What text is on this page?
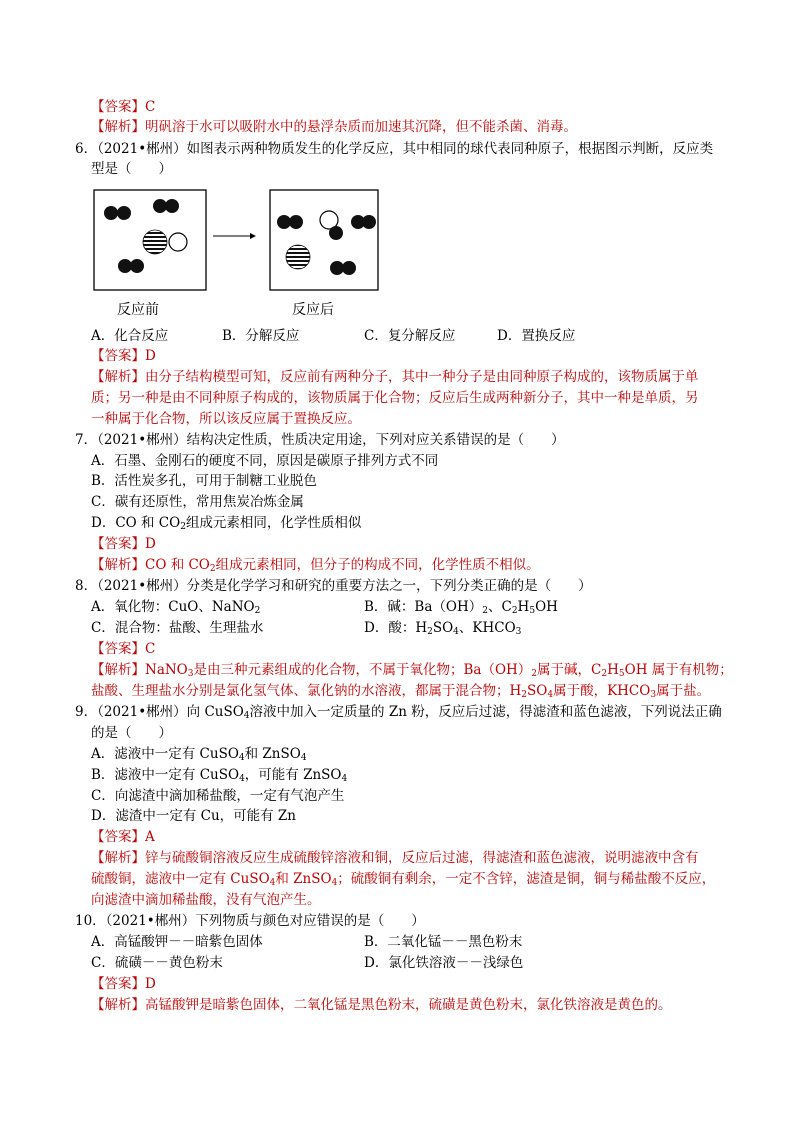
【答案】C
【解析】明矾溶于水可以吸附水中的悬浮杂质而加速其沉降，但不能杀菌、消毒。
6．（2021•郴州）如图表示两种物质发生的化学反应，其中相同的球代表同种原子，根据图示判断，反应类
型是（　　）
反应前	反应后
A．化合反应	B．分解反应	C．复分解反应	D．置换反应
【答案】D
【解析】由分子结构模型可知，反应前有两种分子，其中一种分子是由同种原子构成的，该物质属于单
质；另一种是由不同种原子构成的，该物质属于化合物；反应后生成两种新分子，其中一种是单质，另
一种属于化合物，所以该反应属于置换反应。
7．（2021•郴州）结构决定性质，性质决定用途，下列对应关系错误的是（　　）
A．石墨、金刚石的硬度不同，原因是碳原子排列方式不同
B．活性炭多孔，可用于制糖工业脱色
C．碳有还原性，常用焦炭冶炼金属
D．CO 和 $CO_2$组成元素相同，化学性质相似
【答案】D
【解析】CO 和 $CO_2$组成元素相同，但分子的构成不同，化学性质不相似。
8．（2021•郴州）分类是化学学习和研究的重要方法之一，下列分类正确的是（　　）
A．氧化物：CuO、NaNO$_2$	B．碱：$Ba(OH)_2$、$C_2H_5OH$
C．混合物：盐酸、生理盐水	D．酸：$H_2SO_4$、$KHCO_3$
【答案】C
【解析】NaNO$_3$是由三种元素组成的化合物，不属于氧化物；$Ba(OH)_2$属于碱，$C_2H_5OH$ 属于有机物；
盐酸、生理盐水分别是氯化氢气体、氯化钠的水溶液，都属于混合物；$H_2SO_4$属于酸，$KHCO_3$属于盐。
9．（2021•郴州）向 CuSO$_4$溶液中加入一定质量的 Zn 粉，反应后过滤，得滤渣和蓝色滤液，下列说法正确
的是（　　）
A．滤液中一定有 CuSO$_4$和 ZnSO$_4$
B．滤液中一定有 CuSO$_4$，可能有 ZnSO$_4$
C．向滤渣中滴加稀盐酸，一定有气泡产生
D．滤渣中一定有 Cu，可能有 Zn
【答案】A
【解析】锌与硫酸铜溶液反应生成硫酸锌溶液和铜，反应后过滤，得滤渣和蓝色滤液，说明滤液中含有
硫酸铜，滤液中一定有 CuSO$_4$和 ZnSO$_4$；硫酸铜有剩余，一定不含锌，滤渣是铜，铜与稀盐酸不反应，
向滤渣中滴加稀盐酸，没有气泡产生。
10．（2021•郴州）下列物质与颜色对应错误的是（　　）
A．高锰酸钾－－暗紫色固体	B．二氧化锰－－黑色粉末
C．硫磺－－黄色粉末	D．氯化铁溶液－－浅绿色
【答案】D
【解析】高锰酸钾是暗紫色固体，二氧化锰是黑色粉末，硫磺是黄色粉末，氯化铁溶液是黄色的。
